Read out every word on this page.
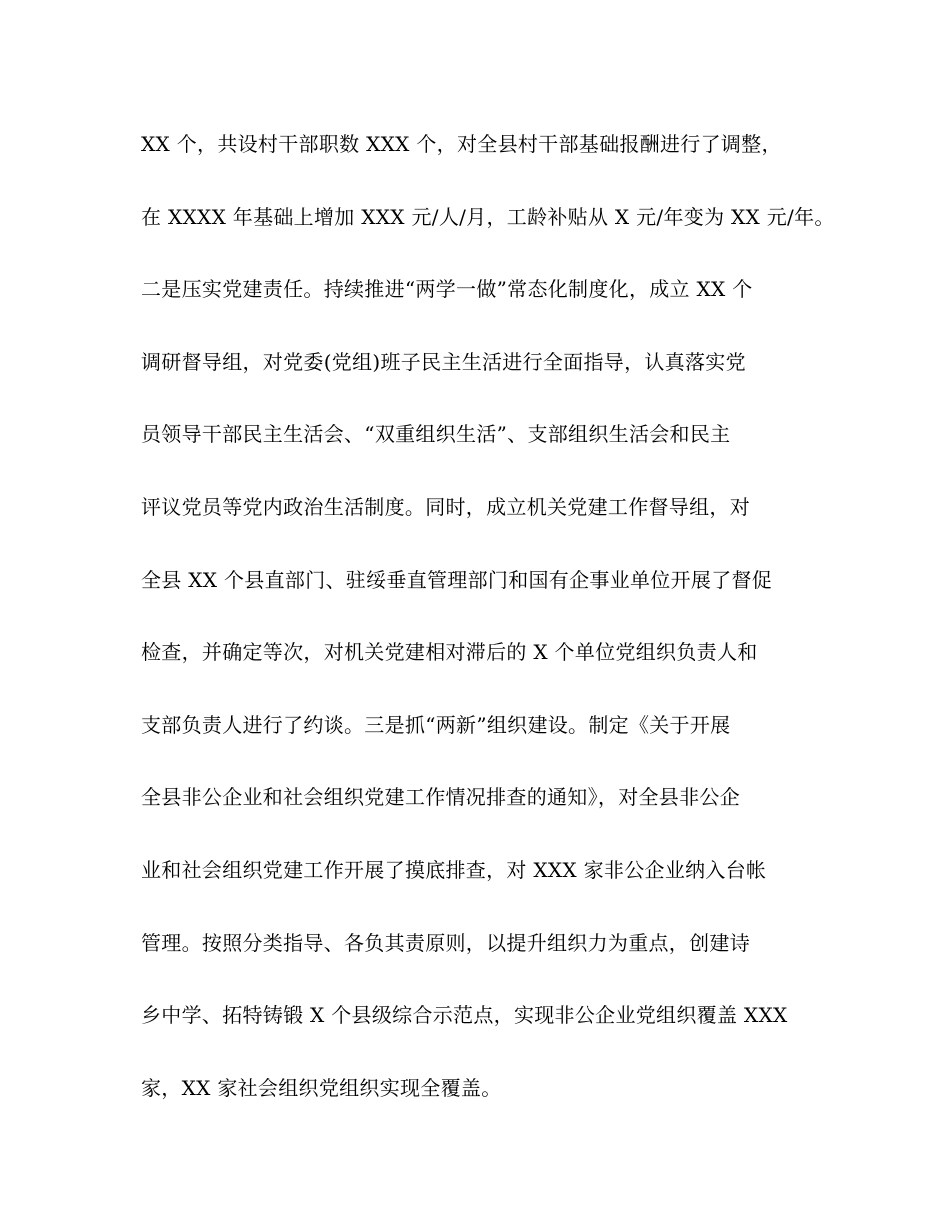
XX 个，共设村干部职数 XXX 个，对全县村干部基础报酬进行了调整，
在 XXXX 年基础上增加 XXX 元/人/月，工龄补贴从 X 元/年变为 XX 元/年。
二是压实党建责任。持续推进“两学一做”常态化制度化，成立 XX 个
调研督导组，对党委(党组)班子民主生活进行全面指导，认真落实党
员领导干部民主生活会、“双重组织生活”、支部组织生活会和民主
评议党员等党内政治生活制度。同时，成立机关党建工作督导组，对
全县 XX 个县直部门、驻绥垂直管理部门和国有企事业单位开展了督促
检查，并确定等次，对机关党建相对滞后的 X 个单位党组织负责人和
支部负责人进行了约谈。三是抓“两新”组织建设。制定《关于开展
全县非公企业和社会组织党建工作情况排查的通知》，对全县非公企
业和社会组织党建工作开展了摸底排查，对 XXX 家非公企业纳入台帐
管理。按照分类指导、各负其责原则，以提升组织力为重点，创建诗
乡中学、拓特铸锻 X 个县级综合示范点，实现非公企业党组织覆盖 XXX
家，XX 家社会组织党组织实现全覆盖。
